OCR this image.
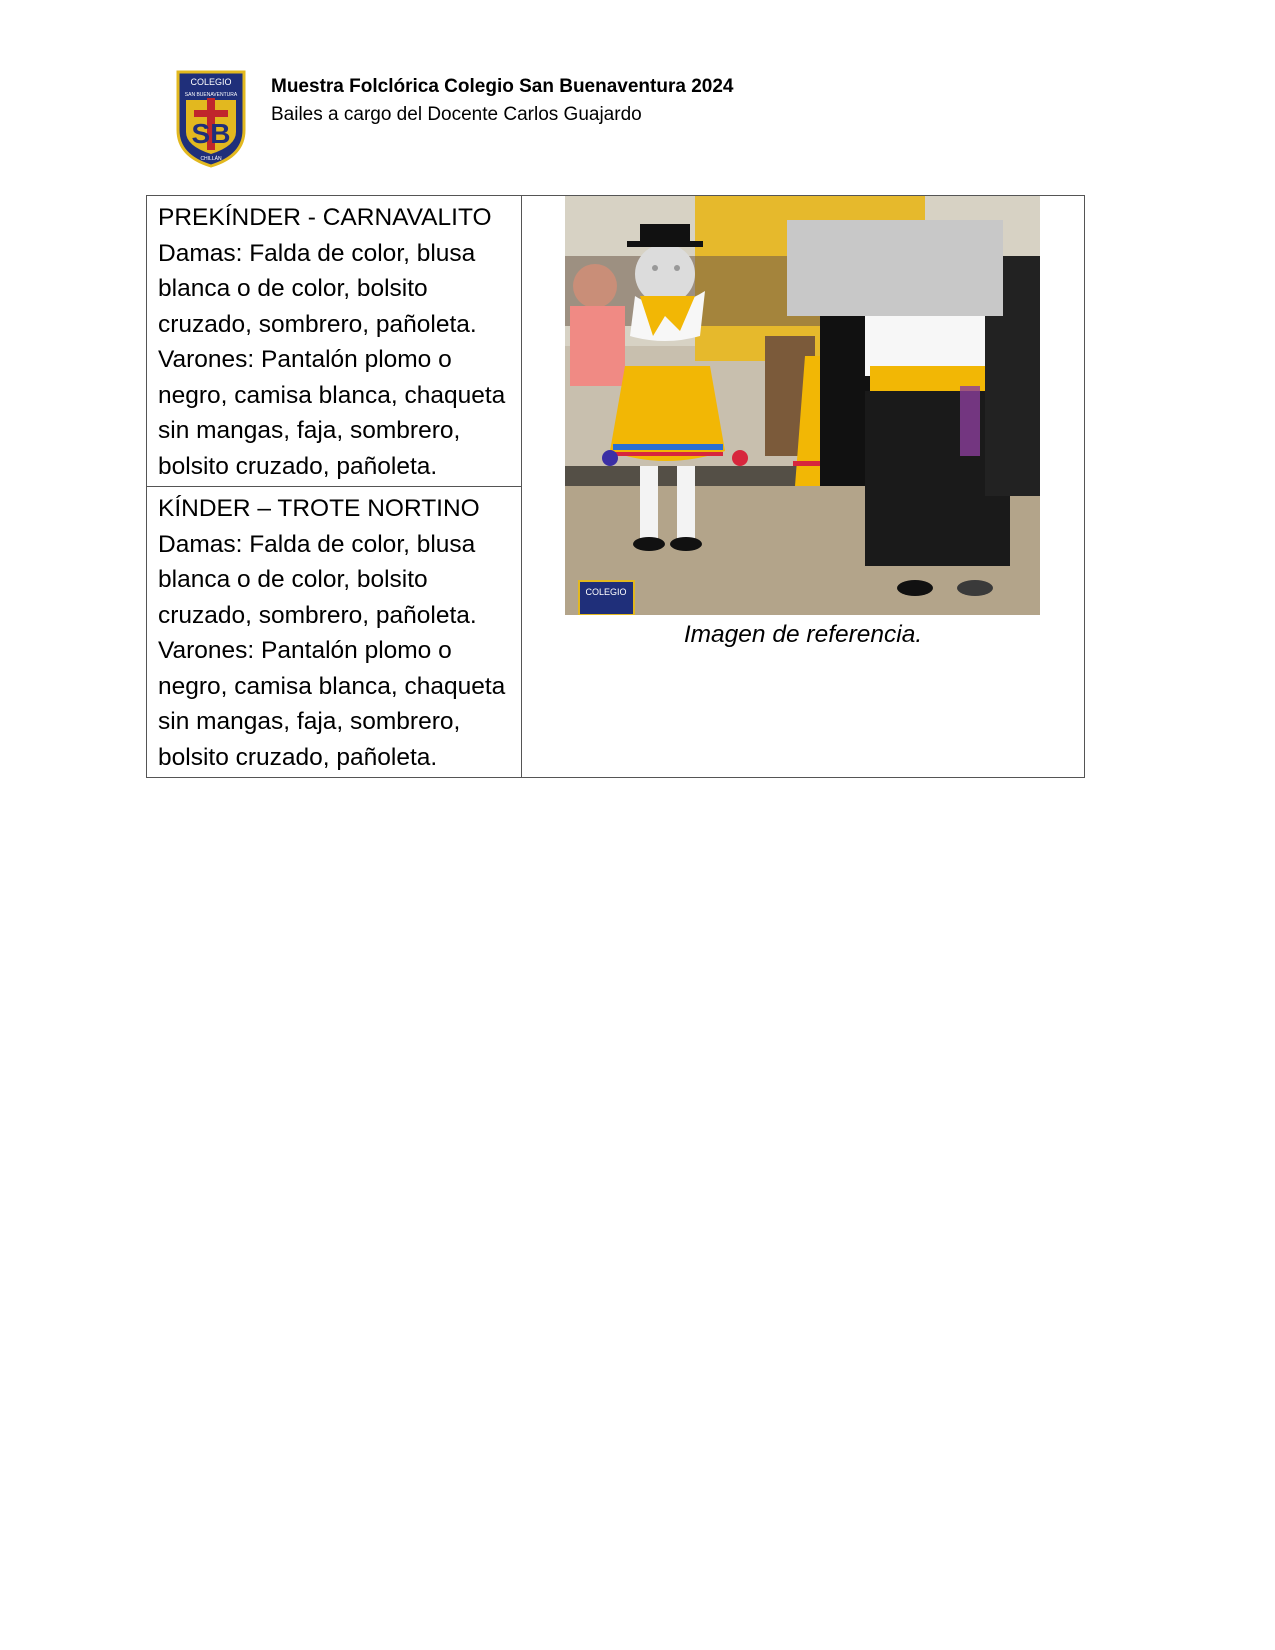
COLEGIO
SAN BUENAVENTURA
SB
CHILLÁN
Muestra Folclórica Colegio San Buenaventura 2024
Bailes a cargo del Docente Carlos Guajardo

PREKÍNDER - CARNAVALITO

Damas: Falda de color, blusa blanca o de color, bolsito cruzado, sombrero, pañoleta.

Varones: Pantalón plomo o negro, camisa blanca, chaqueta sin mangas, faja, sombrero, bolsito cruzado, pañoleta.

COLEGIO
Imagen de referencia.

KÍNDER – TROTE NORTINO

Damas: Falda de color, blusa blanca o de color, bolsito cruzado, sombrero, pañoleta.

Varones: Pantalón plomo o negro, camisa blanca, chaqueta sin mangas, faja, sombrero, bolsito cruzado, pañoleta.
